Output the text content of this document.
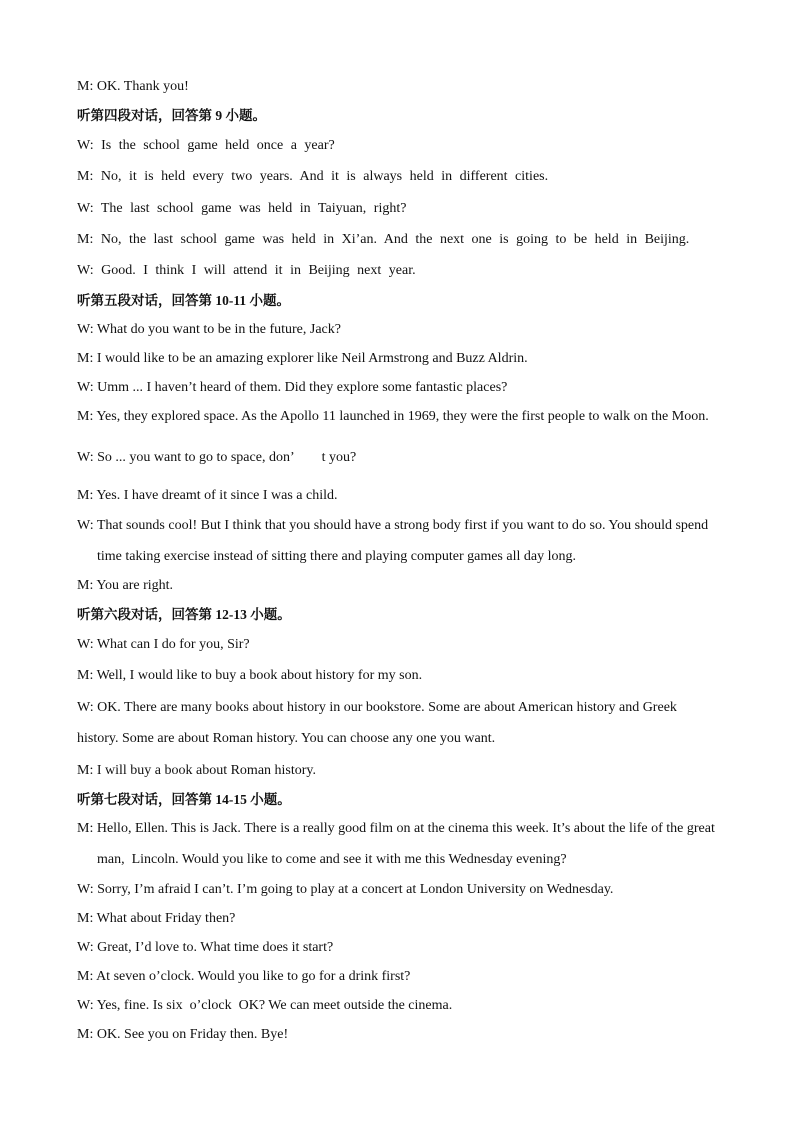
M: OK. Thank you!
听第四段对话，回答第 9 小题。
W: Is the school game held once a year?
M: No, it is held every two years. And it is always held in different cities.
W: The last school game was held in Taiyuan, right?
M: No, the last school game was held in Xi’an. And the next one is going to be held in Beijing.
W: Good. I think I will attend it in Beijing next year.
听第五段对话，回答第 10-11 小题。
W: What do you want to be in the future, Jack?
M: I would like to be an amazing explorer like Neil Armstrong and Buzz Aldrin.
W: Umm ... I haven’t heard of them. Did they explore some fantastic places?
M: Yes, they explored space. As the Apollo 11 launched in 1969, they were the first people to walk on the Moon.
W: So ... you want to go to space, don’        t you?
M: Yes. I have dreamt of it since I was a child.
W: That sounds cool! But I think that you should have a strong body first if you want to do so. You should spend
time taking exercise instead of sitting there and playing computer games all day long.
M: You are right.
听第六段对话，回答第 12-13 小题。
W: What can I do for you, Sir?
M: Well, I would like to buy a book about history for my son.
W: OK. There are many books about history in our bookstore. Some are about American history and Greek
history. Some are about Roman history. You can choose any one you want.
M: I will buy a book about Roman history.
听第七段对话，回答第 14-15 小题。
M: Hello, Ellen. This is Jack. There is a really good film on at the cinema this week. It’s about the life of the great
man,  Lincoln. Would you like to come and see it with me this Wednesday evening?
W: Sorry, I’m afraid I can’t. I’m going to play at a concert at London University on Wednesday.
M: What about Friday then?
W: Great, I’d love to. What time does it start?
M: At seven o’clock. Would you like to go for a drink first?
W: Yes, fine. Is six  o’clock  OK? We can meet outside the cinema.
M: OK. See you on Friday then. Bye!
